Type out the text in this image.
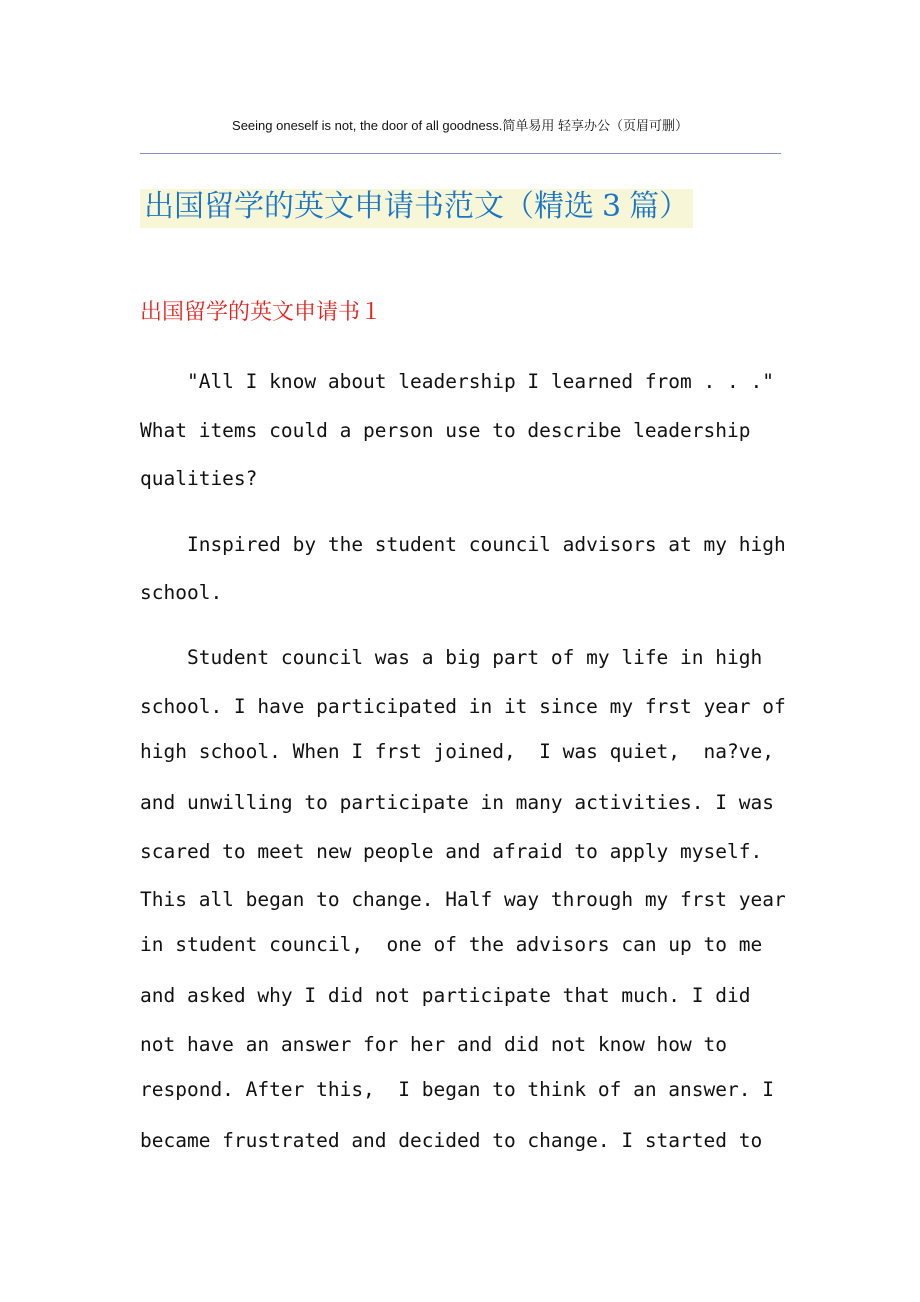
Seeing oneself is not, the door of all goodness.简单易用 轻享办公（页眉可删）
出国留学的英文申请书范文（精选 3 篇）
出国留学的英文申请书１
"All I know about leadership I learned from . . ."
What items could a person use to describe leadership
qualities?
Inspired by the student council advisors at my high
school.
Student council was a big part of my life in high
school. I have participated in it since my frst year of
high school. When I frst joined,  I was quiet,  na?ve,
and unwilling to participate in many activities. I was
scared to meet new people and afraid to apply myself.
This all began to change. Half way through my frst year
in student council,  one of the advisors can up to me
and asked why I did not participate that much. I did
not have an answer for her and did not know how to
respond. After this,  I began to think of an answer. I
became frustrated and decided to change. I started to
